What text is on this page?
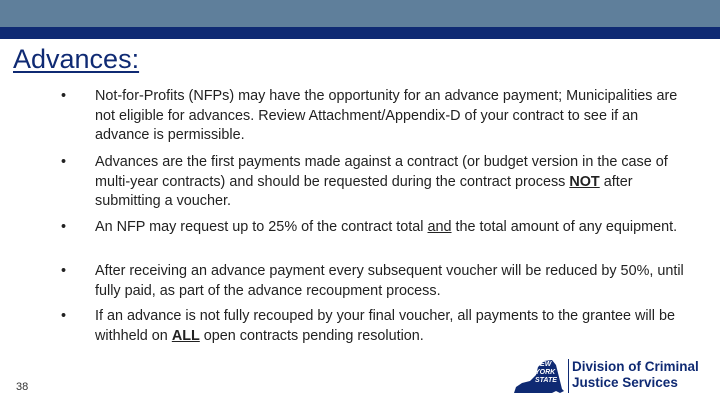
Advances:
• Not-for-Profits (NFPs) may have the opportunity for an advance payment; Municipalities are not eligible for advances. Review Attachment/Appendix-D of your contract to see if an advance is permissible.
• Advances are the first payments made against a contract (or budget version in the case of multi-year contracts) and should be requested during the contract process NOT after submitting a voucher.
• An NFP may request up to 25% of the contract total and the total amount of any equipment.
• After receiving an advance payment every subsequent voucher will be reduced by 50%, until fully paid, as part of the advance recoupment process.
• If an advance is not fully recouped by your final voucher, all payments to the grantee will be withheld on ALL open contracts pending resolution.
38
NEW
YORK
STATE
Division of Criminal
Justice Services
